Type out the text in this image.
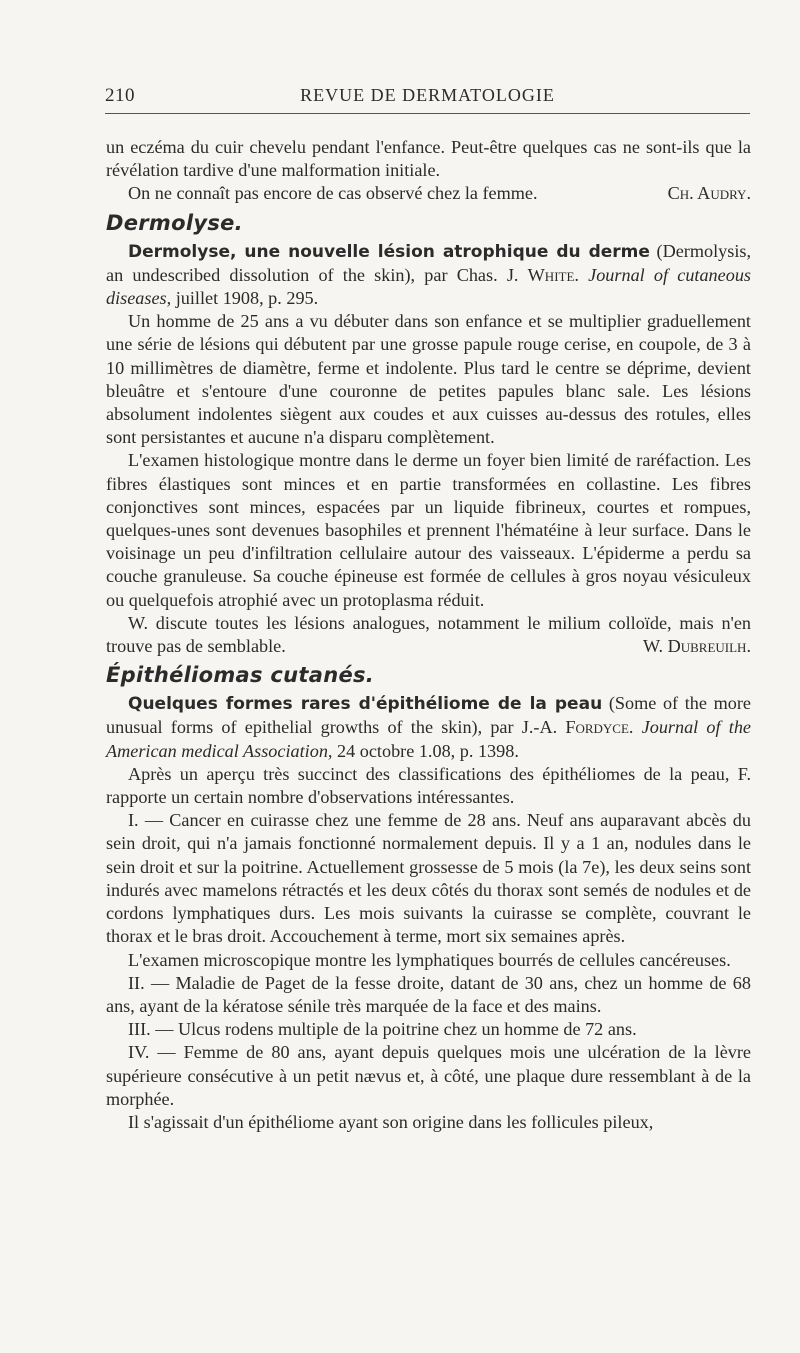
210	REVUE DE DERMATOLOGIE

un eczéma du cuir chevelu pendant l'enfance. Peut-être quelques cas ne sont-ils que la révélation tardive d'une malformation initiale.

On ne connaît pas encore de cas observé chez la femme.	Ch. Audry.

Dermolyse.

Dermolyse, une nouvelle lésion atrophique du derme (Dermolysis, an undescribed dissolution of the skin), par Chas. J. White. Journal of cutaneous diseases, juillet 1908, p. 295.

Un homme de 25 ans a vu débuter dans son enfance et se multiplier graduellement une série de lésions qui débutent par une grosse papule rouge cerise, en coupole, de 3 à 10 millimètres de diamètre, ferme et indolente. Plus tard le centre se déprime, devient bleuâtre et s'entoure d'une couronne de petites papules blanc sale. Les lésions absolument indolentes siègent aux coudes et aux cuisses au-dessus des rotules, elles sont persistantes et aucune n'a disparu complètement.

L'examen histologique montre dans le derme un foyer bien limité de raréfaction. Les fibres élastiques sont minces et en partie transformées en collastine. Les fibres conjonctives sont minces, espacées par un liquide fibrineux, courtes et rompues, quelques-unes sont devenues basophiles et prennent l'hématéine à leur surface. Dans le voisinage un peu d'infiltration cellulaire autour des vaisseaux. L'épiderme a perdu sa couche granuleuse. Sa couche épineuse est formée de cellules à gros noyau vésiculeux ou quelquefois atrophié avec un protoplasma réduit.

W. discute toutes les lésions analogues, notamment le milium colloïde, mais n'en trouve pas de semblable.	W. Dubreuilh.

Épithéliomas cutanés.

Quelques formes rares d'épithéliome de la peau (Some of the more unusual forms of epithelial growths of the skin), par J.-A. Fordyce. Journal of the American medical Association, 24 octobre 1.08, p. 1398.

Après un aperçu très succinct des classifications des épithéliomes de la peau, F. rapporte un certain nombre d'observations intéressantes.

I. — Cancer en cuirasse chez une femme de 28 ans. Neuf ans auparavant abcès du sein droit, qui n'a jamais fonctionné normalement depuis. Il y a 1 an, nodules dans le sein droit et sur la poitrine. Actuellement grossesse de 5 mois (la 7e), les deux seins sont indurés avec mamelons rétractés et les deux côtés du thorax sont semés de nodules et de cordons lymphatiques durs. Les mois suivants la cuirasse se complète, couvrant le thorax et le bras droit. Accouchement à terme, mort six semaines après.

L'examen microscopique montre les lymphatiques bourrés de cellules cancéreuses.

II. — Maladie de Paget de la fesse droite, datant de 30 ans, chez un homme de 68 ans, ayant de la kératose sénile très marquée de la face et des mains.

III. — Ulcus rodens multiple de la poitrine chez un homme de 72 ans.

IV. — Femme de 80 ans, ayant depuis quelques mois une ulcération de la lèvre supérieure consécutive à un petit nævus et, à côté, une plaque dure ressemblant à de la morphée.

Il s'agissait d'un épithéliome ayant son origine dans les follicules pileux,
